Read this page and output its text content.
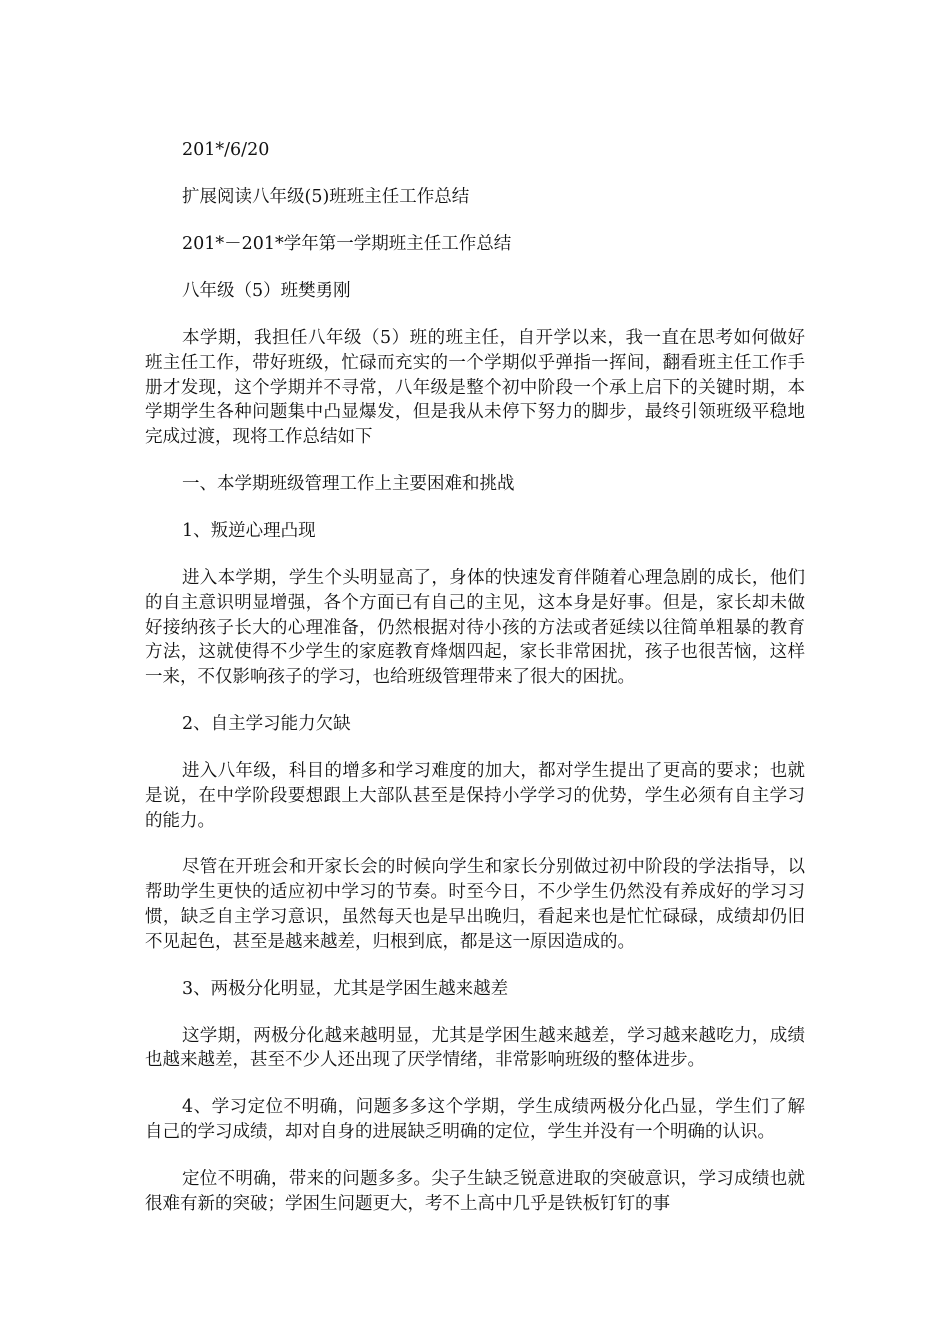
201*/6/20

扩展阅读八年级(5)班班主任工作总结

201*－201*学年第一学期班主任工作总结

八年级（5）班樊勇刚

本学期，我担任八年级（5）班的班主任，自开学以来，我一直在思考如何做好班主任工作，带好班级，忙碌而充实的一个学期似乎弹指一挥间，翻看班主任工作手册才发现，这个学期并不寻常，八年级是整个初中阶段一个承上启下的关键时期，本学期学生各种问题集中凸显爆发，但是我从未停下努力的脚步，最终引领班级平稳地完成过渡，现将工作总结如下

一、本学期班级管理工作上主要困难和挑战

1、叛逆心理凸现

进入本学期，学生个头明显高了，身体的快速发育伴随着心理急剧的成长，他们的自主意识明显增强，各个方面已有自己的主见，这本身是好事。但是，家长却未做好接纳孩子长大的心理准备，仍然根据对待小孩的方法或者延续以往简单粗暴的教育方法，这就使得不少学生的家庭教育烽烟四起，家长非常困扰，孩子也很苦恼，这样一来，不仅影响孩子的学习，也给班级管理带来了很大的困扰。

2、自主学习能力欠缺

进入八年级，科目的增多和学习难度的加大，都对学生提出了更高的要求；也就是说，在中学阶段要想跟上大部队甚至是保持小学学习的优势，学生必须有自主学习的能力。

尽管在开班会和开家长会的时候向学生和家长分别做过初中阶段的学法指导，以帮助学生更快的适应初中学习的节奏。时至今日，不少学生仍然没有养成好的学习习惯，缺乏自主学习意识，虽然每天也是早出晚归，看起来也是忙忙碌碌，成绩却仍旧不见起色，甚至是越来越差，归根到底，都是这一原因造成的。

3、两极分化明显，尤其是学困生越来越差

这学期，两极分化越来越明显，尤其是学困生越来越差，学习越来越吃力，成绩也越来越差，甚至不少人还出现了厌学情绪，非常影响班级的整体进步。

4、学习定位不明确，问题多多这个学期，学生成绩两极分化凸显，学生们了解自己的学习成绩，却对自身的进展缺乏明确的定位，学生并没有一个明确的认识。

定位不明确，带来的问题多多。尖子生缺乏锐意进取的突破意识，学习成绩也就很难有新的突破；学困生问题更大，考不上高中几乎是铁板钉钉的事
